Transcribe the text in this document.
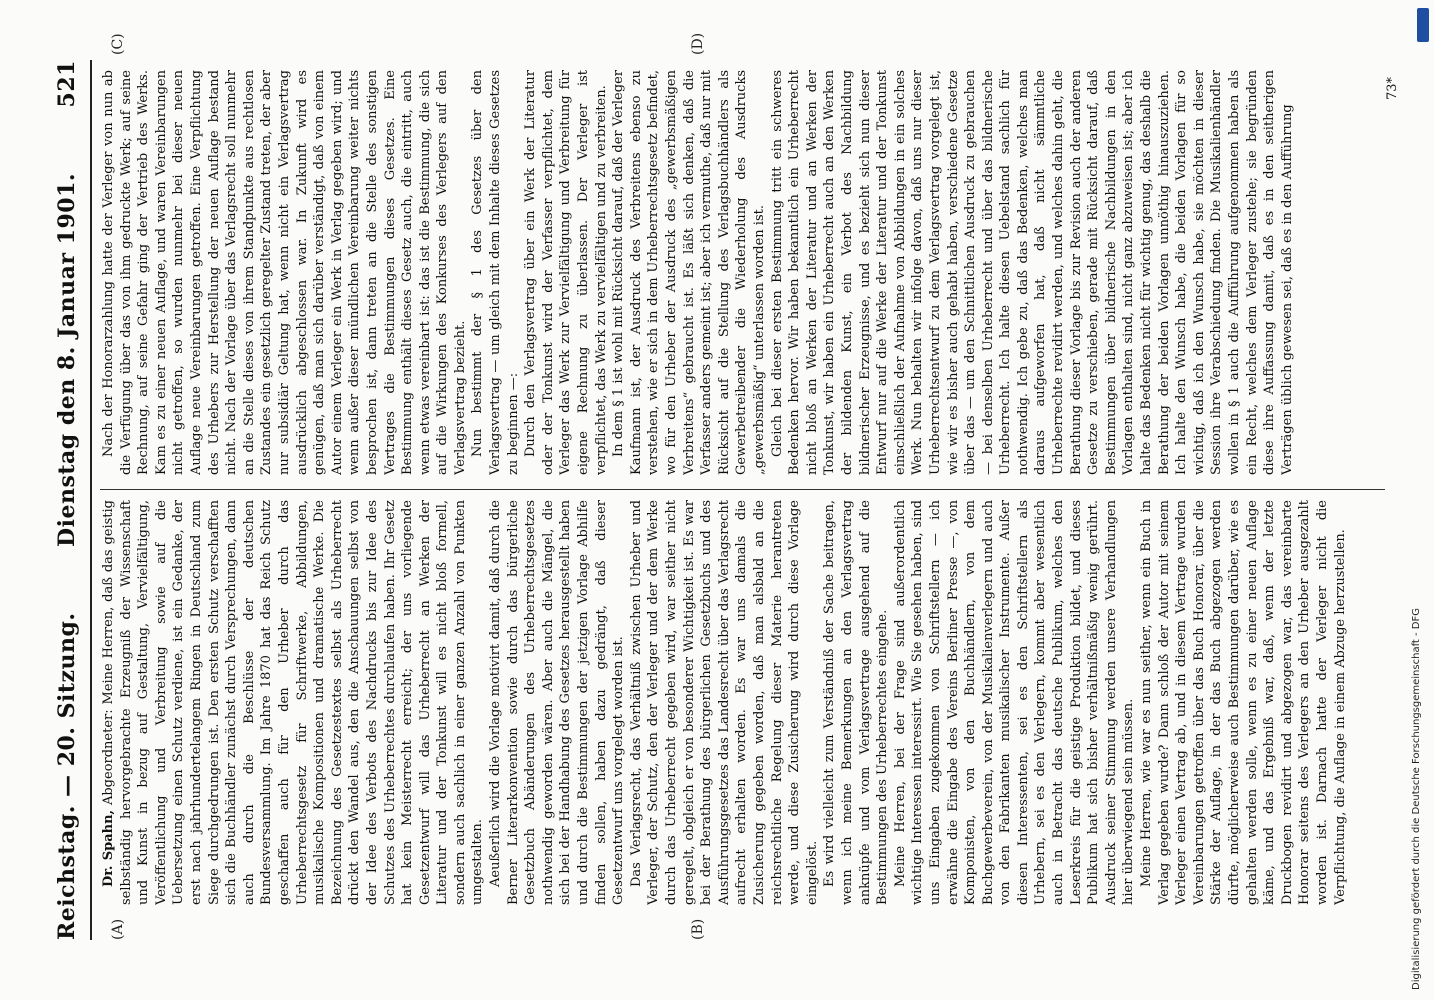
Reichstag. — 20. Sitzung.
Dienstag den 8. Januar 1901.
521
(A)	(B)
(C)	(D)

Dr. Spahn, Abgeordneter: Meine Herren, daß das geistig selbständig hervorgebrachte Erzeugniß der Wissenschaft und Kunst in bezug auf Gestaltung, Vervielfältigung, Veröffentlichung und Verbreitung sowie auf die Uebersetzung einen Schutz verdiene, ist ein Gedanke, der erst nach jahrhundertelangem Ringen in Deutschland zum Siege durchgedrungen ist. Den ersten Schutz verschafften sich die Buchhändler zunächst durch Versprechungen, dann auch durch die Beschlüsse der deutschen Bundesversammlung. Im Jahre 1870 hat das Reich Schutz geschaffen auch für den Urheber durch das Urheberrechtsgesetz für Schriftwerke, Abbildungen, musikalische Kompositionen und dramatische Werke. Die Bezeichnung des Gesetzestextes selbst als Urheberrecht drückt den Wandel aus, den die Anschauungen selbst von der Idee des Verbots des Nachdrucks bis zur Idee des Schutzes des Urheberrechtes durchlaufen haben. Ihr Gesetz hat kein Meisterrecht erreicht; der uns vorliegende Gesetzentwurf will das Urheberrecht an Werken der Literatur und der Tonkunst will es nicht bloß formell, sondern auch sachlich in einer ganzen Anzahl von Punkten umgestalten. Aeußerlich wird die Vorlage motivirt damit, daß durch die Berner Literarkonvention sowie durch das bürgerliche Gesetzbuch Abänderungen des Urheberrechtsgesetzes nothwendig geworden wären. Aber auch die Mängel, die sich bei der Handhabung des Gesetzes herausgestellt haben und durch die Bestimmungen der jetzigen Vorlage Abhilfe finden sollen, haben dazu gedrängt, daß dieser Gesetzentwurf uns vorgelegt worden ist. Das Verlagsrecht, das Verhältniß zwischen Urheber und Verleger, der Schutz, den der Verleger und der dem Werke durch das Urheberrecht gegeben wird, war seither nicht geregelt, obgleich er von besonderer Wichtigkeit ist. Es war bei der Berathung des bürgerlichen Gesetzbuchs und des Ausführungsgesetzes das Landesrecht über das Verlagsrecht aufrecht erhalten worden. Es war uns damals die Zusicherung gegeben worden, daß man alsbald an die reichsrechtliche Regelung dieser Materie herantreten werde, und diese Zusicherung wird durch diese Vorlage eingelöst. Es wird vielleicht zum Verständniß der Sache beitragen, wenn ich meine Bemerkungen an den Verlagsvertrag anknüpfe und vom Verlagsvertrage ausgehend auf die Bestimmungen des Urheberrechtes eingehe. Meine Herren, bei der Frage sind außerordentlich wichtige Interessen interessirt. Wie Sie gesehen haben, sind uns Eingaben zugekommen von Schriftstellern — ich erwähne die Eingabe des Vereins Berliner Presse —, von Komponisten, von den Buchhändlern, von dem Buchgewerbeverein, von der Musikalienverlegern und auch von den Fabrikanten musikalischer Instrumente. Außer diesen Interessenten, sei es den Schriftstellern als Urhebern, sei es den Verlegern, kommt aber wesentlich auch in Betracht das deutsche Publikum, welches den Leserkreis für die geistige Produktion bildet, und dieses Publikum hat sich bisher verhältnißmäßig wenig gerührt. Ausdruck seiner Stimmung werden unsere Verhandlungen hier überwiegend sein müssen. Meine Herren, wie war es nun seither, wenn ein Buch in Verlag gegeben wurde? Dann schloß der Autor mit seinem Verleger einen Vertrag ab, und in diesem Vertrage wurden Vereinbarungen getroffen über das Buch Honorar, über die Stärke der Auflage, in der das Buch abgezogen werden dürfte, möglicherweise auch Bestimmungen darüber, wie es gehalten werden solle, wenn es zu einer neuen Auflage käme, und das Ergebniß war, daß, wenn der letzte Druckbogen revidirt und abgezogen war, das vereinbarte Honorar seitens des Verlegers an den Urheber ausgezahlt worden ist. Darnach hatte der Verleger nicht die Verpflichtung, die Auflage in einem Abzuge herzustellen.

Nach der Honorarzahlung hatte der Verleger von nun ab die Verfügung über das von ihm gedruckte Werk; auf seine Rechnung, auf seine Gefahr ging der Vertrieb des Werks. Kam es zu einer neuen Auflage, und waren Vereinbarungen nicht getroffen, so wurden nunmehr bei dieser neuen Auflage neue Vereinbarungen getroffen. Eine Verpflichtung des Urhebers zur Herstellung der neuen Auflage bestand nicht. Nach der Vorlage über das Verlagsrecht soll nunmehr an die Stelle dieses von ihrem Standpunkte aus rechtlosen Zustandes ein gesetzlich geregelter Zustand treten, der aber nur subsidiär Geltung hat, wenn nicht ein Verlagsvertrag ausdrücklich abgeschlossen war. In Zukunft wird es genügen, daß man sich darüber verständigt, daß von einem Autor einem Verleger ein Werk in Verlag gegeben wird; und wenn außer dieser mündlichen Vereinbarung weiter nichts besprochen ist, dann treten an die Stelle des sonstigen Vertrages die Bestimmungen dieses Gesetzes. Eine Bestimmung enthält dieses Gesetz auch, die eintritt, auch wenn etwas vereinbart ist: das ist die Bestimmung, die sich auf die Wirkungen des Konkurses des Verlegers auf den Verlagsvertrag bezieht. Nun bestimmt der § 1 des Gesetzes über den Verlagsvertrag — um gleich mit dem Inhalte dieses Gesetzes zu beginnen —: Durch den Verlagsvertrag über ein Werk der Literatur oder der Tonkunst wird der Verfasser verpflichtet, dem Verleger das Werk zur Vervielfältigung und Verbreitung für eigene Rechnung zu überlassen. Der Verleger ist verpflichtet, das Werk zu vervielfältigen und zu verbreiten. In dem § 1 ist wohl mit Rücksicht darauf, daß der Verleger Kaufmann ist, der Ausdruck des Verbreitens ebenso zu verstehen, wie er sich in dem Urheberrechtsgesetz befindet, wo für den Urheber der Ausdruck des „gewerbsmäßigen Verbreitens“ gebraucht ist. Es läßt sich denken, daß die Verfasser anders gemeint ist; aber ich vermuthe, daß nur mit Rücksicht auf die Stellung des Verlagsbuchhändlers als Gewerbetreibender die Wiederholung des Ausdrucks „gewerbsmäßig“ unterlassen worden ist. Gleich bei dieser ersten Bestimmung tritt ein schweres Bedenken hervor. Wir haben bekanntlich ein Urheberrecht nicht bloß an Werken der Literatur und an Werken der Tonkunst, wir haben ein Urheberrecht auch an den Werken der bildenden Kunst, ein Verbot des Nachbildung bildnerischer Erzeugnisse, und es bezieht sich nun dieser Entwurf nur auf die Werke der Literatur und der Tonkunst einschließlich der Aufnahme von Abbildungen in ein solches Werk. Nun behalten wir infolge davon, daß uns nur dieser Urheberrechtsentwurf zu dem Verlagsvertrag vorgelegt ist, wie wir es bisher auch gehabt haben, verschiedene Gesetze über das — um den Schnittlichen Ausdruck zu gebrauchen — bei denselben Urheberrecht und über das bildnerische Urheberrecht. Ich halte diesen Uebelstand sachlich für nothwendig. Ich gebe zu, daß das Bedenken, welches man daraus aufgeworfen hat, daß nicht sämmtliche Urheberrechte revidirt werden, und welches dahin geht, die Berathung dieser Vorlage bis zur Revision auch der anderen Gesetze zu verschieben, gerade mit Rücksicht darauf, daß Bestimmungen über bildnerische Nachbildungen in den Vorlagen enthalten sind, nicht ganz abzuweisen ist; aber ich halte das Bedenken nicht für wichtig genug, das deshalb die Berathung der beiden Vorlagen unnöthig hinauszuziehen. Ich halte den Wunsch habe, die beiden Vorlagen für so wichtig, daß ich den Wunsch habe, sie möchten in dieser Session ihre Verabschiedung finden. Die Musikalienhändler wollen in § 1 auch die Aufführung aufgenommen haben als ein Recht, welches dem Verleger zustehe; sie begründen diese ihre Auffassung damit, daß es in den seitherigen Verträgen üblich gewesen sei, daß es in den Aufführung

73*
Digitalisierung gefördert durch die Deutsche Forschungsgemeinschaft - DFG
